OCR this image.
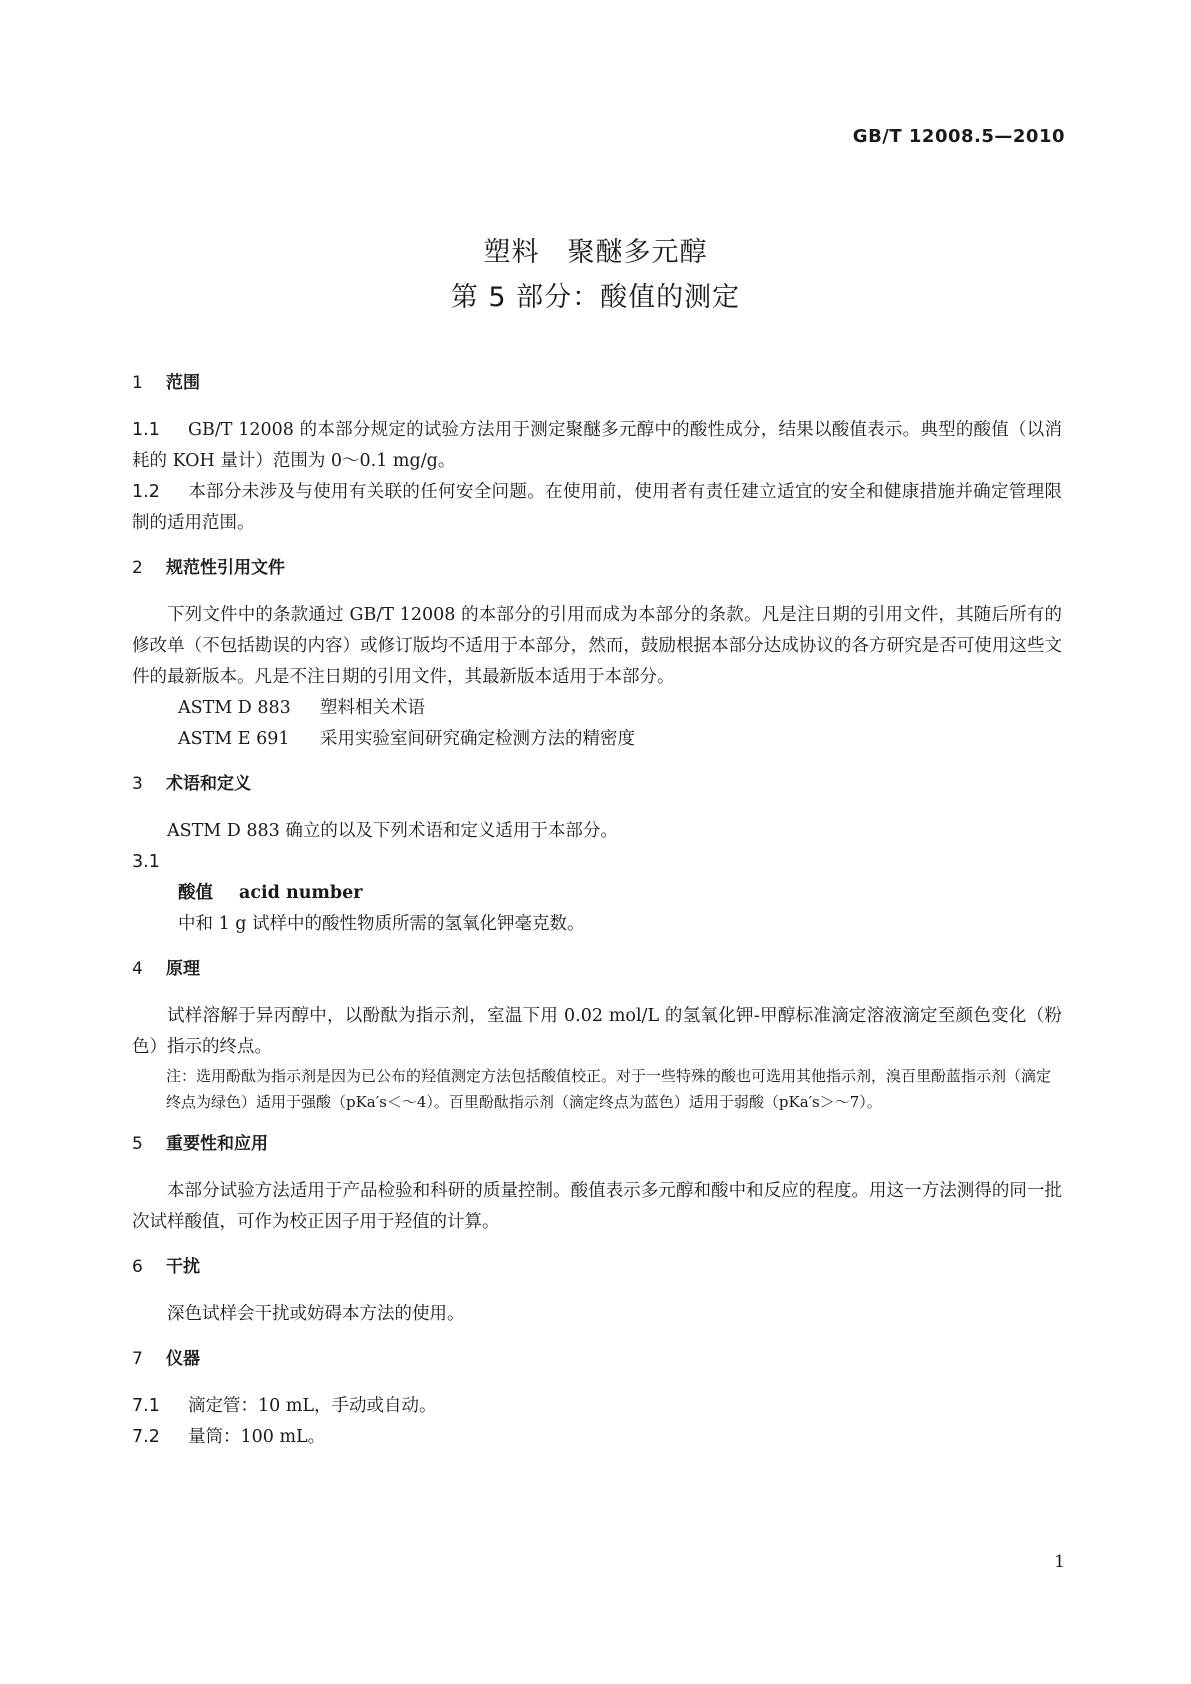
GB/T 12008.5—2010
塑料　聚醚多元醇
第 5 部分：酸值的测定
1 范围
1.1 GB/T 12008 的本部分规定的试验方法用于测定聚醚多元醇中的酸性成分，结果以酸值表示。典型的酸值（以消耗的 KOH 量计）范围为 0～0.1 mg/g。
1.2 本部分未涉及与使用有关联的任何安全问题。在使用前，使用者有责任建立适宜的安全和健康措施并确定管理限制的适用范围。
2 规范性引用文件
下列文件中的条款通过 GB/T 12008 的本部分的引用而成为本部分的条款。凡是注日期的引用文件，其随后所有的修改单（不包括勘误的内容）或修订版均不适用于本部分，然而，鼓励根据本部分达成协议的各方研究是否可使用这些文件的最新版本。凡是不注日期的引用文件，其最新版本适用于本部分。
ASTM D 883 塑料相关术语
ASTM E 691 采用实验室间研究确定检测方法的精密度
3 术语和定义
ASTM D 883 确立的以及下列术语和定义适用于本部分。
3.1
酸值 acid number
中和 1 g 试样中的酸性物质所需的氢氧化钾毫克数。
4 原理
试样溶解于异丙醇中，以酚酞为指示剂，室温下用 0.02 mol/L 的氢氧化钾-甲醇标准滴定溶液滴定至颜色变化（粉色）指示的终点。
注：选用酚酞为指示剂是因为已公布的羟值测定方法包括酸值校正。对于一些特殊的酸也可选用其他指示剂，溴百里酚蓝指示剂（滴定终点为绿色）适用于强酸（pKa′s＜～4）。百里酚酞指示剂（滴定终点为蓝色）适用于弱酸（pKa′s＞～7）。
5 重要性和应用
本部分试验方法适用于产品检验和科研的质量控制。酸值表示多元醇和酸中和反应的程度。用这一方法测得的同一批次试样酸值，可作为校正因子用于羟值的计算。
6 干扰
深色试样会干扰或妨碍本方法的使用。
7 仪器
7.1 滴定管：10 mL，手动或自动。
7.2 量筒：100 mL。
1
